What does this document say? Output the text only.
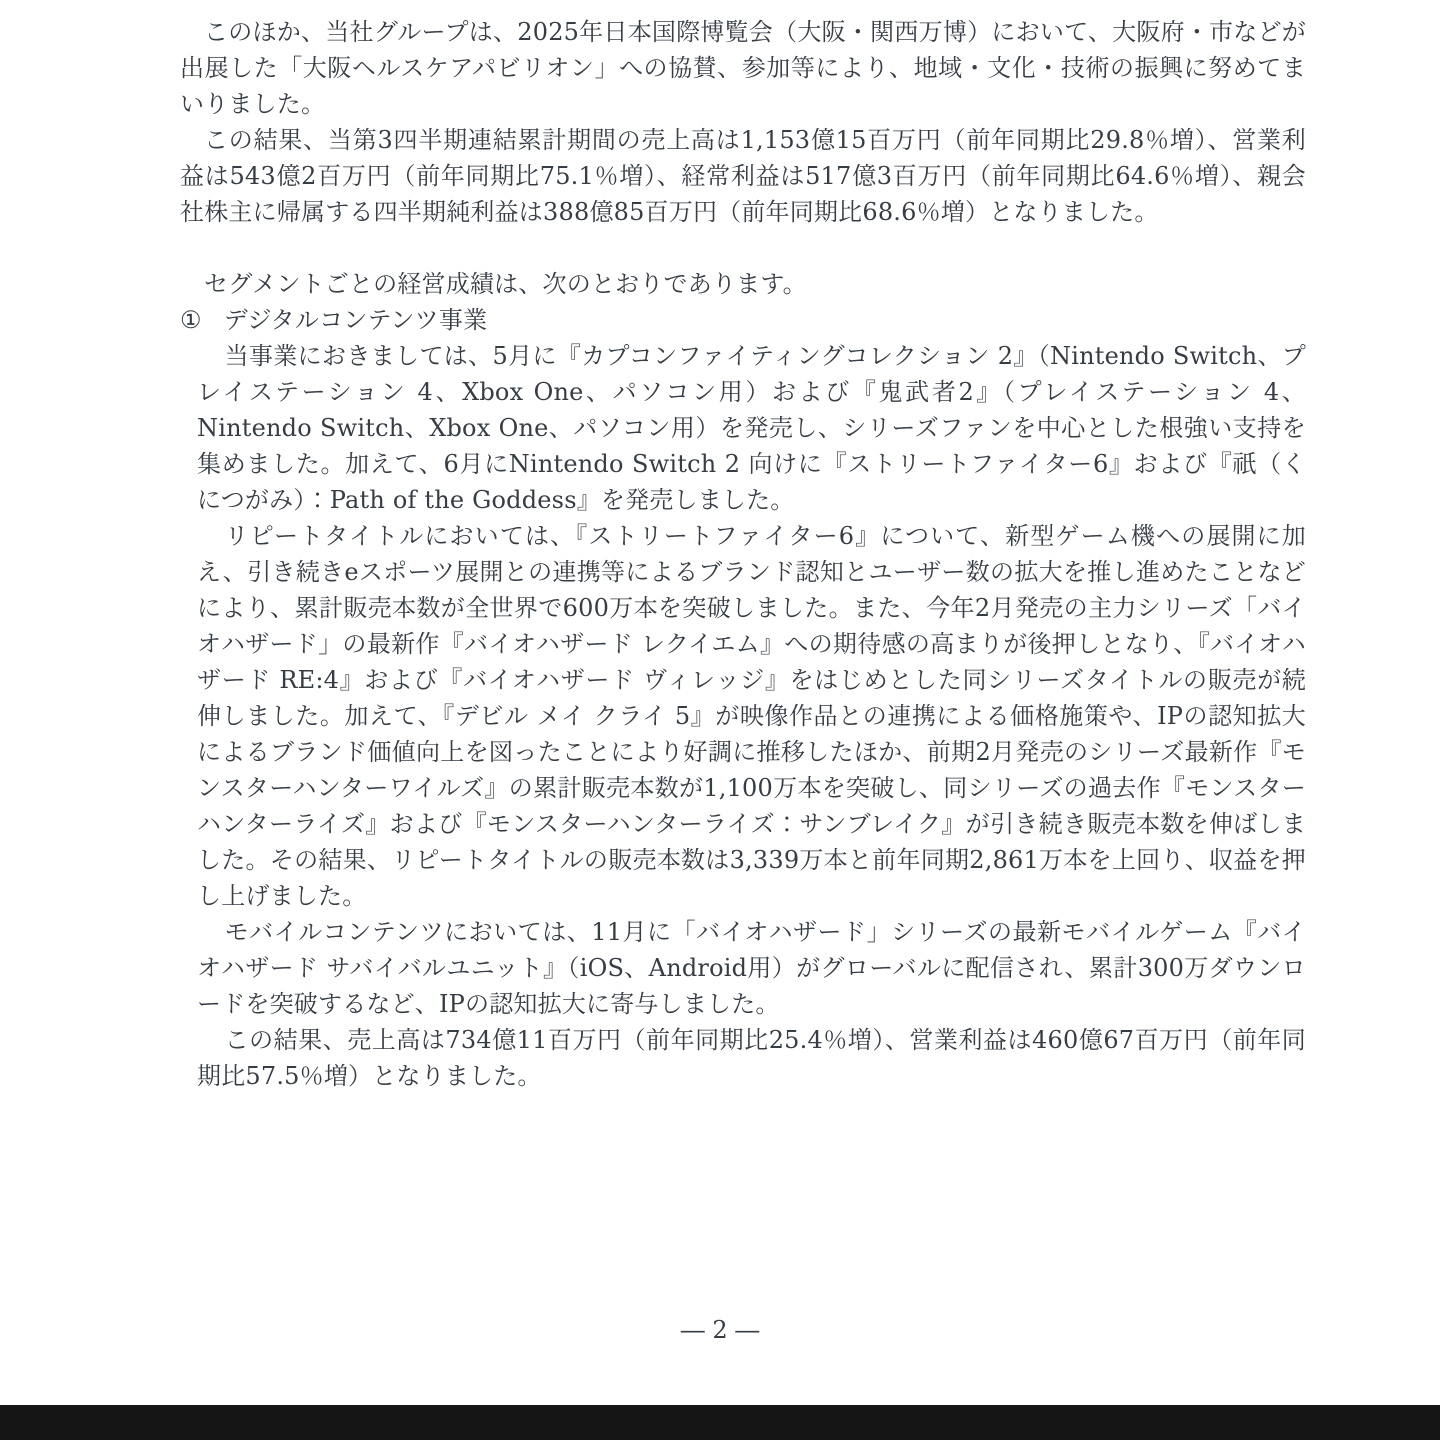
このほか、当社グループは、2025年日本国際博覧会（大阪・関西万博）において、大阪府・市などが出展した「大阪ヘルスケアパビリオン」への協賛、参加等により、地域・文化・技術の振興に努めてまいりました。

この結果、当第3四半期連結累計期間の売上高は1,153億15百万円（前年同期比29.8％増）、営業利益は543億2百万円（前年同期比75.1％増）、経常利益は517億3百万円（前年同期比64.6％増）、親会社株主に帰属する四半期純利益は388億85百万円（前年同期比68.6％増）となりました。

セグメントごとの経営成績は、次のとおりであります。

① デジタルコンテンツ事業

当事業におきましては、5月に『カプコンファイティングコレクション 2』（Nintendo Switch、プレイステーション 4、Xbox One、パソコン用）および『鬼武者2』（プレイステーション 4、Nintendo Switch、Xbox One、パソコン用）を発売し、シリーズファンを中心とした根強い支持を集めました。加えて、6月にNintendo Switch 2 向けに『ストリートファイター6』および『祇（くにつがみ）：Path of the Goddess』を発売しました。

リピートタイトルにおいては、『ストリートファイター6』について、新型ゲーム機への展開に加え、引き続きeスポーツ展開との連携等によるブランド認知とユーザー数の拡大を推し進めたことなどにより、累計販売本数が全世界で600万本を突破しました。また、今年2月発売の主力シリーズ「バイオハザード」の最新作『バイオハザード レクイエム』への期待感の高まりが後押しとなり、『バイオハザード RE:4』および『バイオハザード ヴィレッジ』をはじめとした同シリーズタイトルの販売が続伸しました。加えて、『デビル メイ クライ 5』が映像作品との連携による価格施策や、IPの認知拡大によるブランド価値向上を図ったことにより好調に推移したほか、前期2月発売のシリーズ最新作『モンスターハンターワイルズ』の累計販売本数が1,100万本を突破し、同シリーズの過去作『モンスターハンターライズ』および『モンスターハンターライズ：サンブレイク』が引き続き販売本数を伸ばしました。その結果、リピートタイトルの販売本数は3,339万本と前年同期2,861万本を上回り、収益を押し上げました。

モバイルコンテンツにおいては、11月に「バイオハザード」シリーズの最新モバイルゲーム『バイオハザード サバイバルユニット』（iOS、Android用）がグローバルに配信され、累計300万ダウンロードを突破するなど、IPの認知拡大に寄与しました。

この結果、売上高は734億11百万円（前年同期比25.4％増）、営業利益は460億67百万円（前年同期比57.5％増）となりました。

― 2 ―
